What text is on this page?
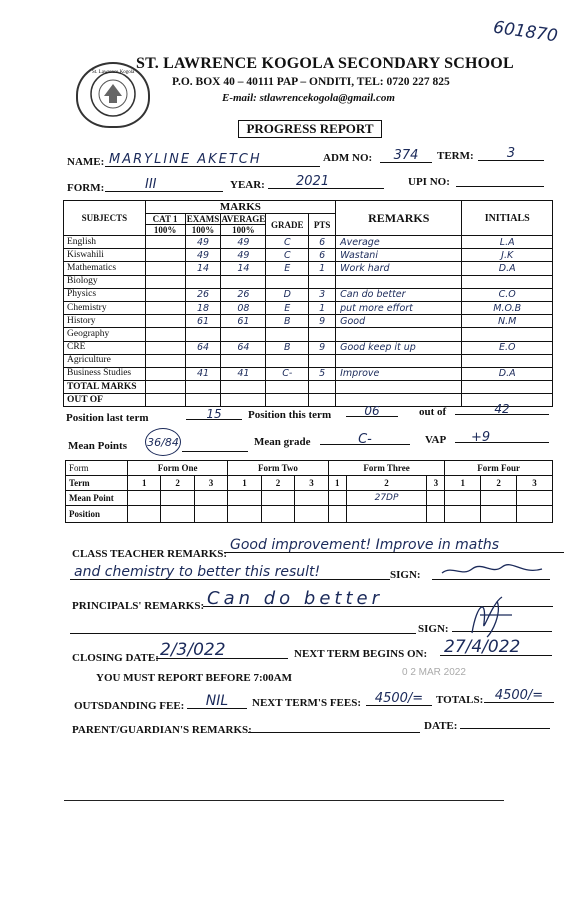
601870
St. Lawrence Kogola
ST. LAWRENCE KOGOLA SECONDARY SCHOOL
P.O. BOX 40 – 40111 PAP – ONDITI, TEL: 0720 227 825
E-mail: stlawrencekogola@gmail.com
PROGRESS REPORT
NAME: MARYLINE AKETCH	ADM NO:	374	TERM:	3
FORM:	III	YEAR:	2021	UPI NO:
SUBJECTS	MARKS					REMARKS	INITIALS
	CAT 1	EXAMS	AVERAGE	GRADE	PTS		
	100%	100%	100%				
English		49	49	C	6	Average	L.A
Kiswahili		49	49	C	6	Wastani	J.K
Mathematics		14	14	E	1	Work hard	D.A
Biology							
Physics		26	26	D	3	Can do better	C.O
Chemistry		18	08	E	1	put more effort	M.O.B
History		61	61	B	9	Good	N.M
Geography							
CRE		64	64	B	9	Good keep it up	E.O
Agriculture							
Business Studies		41	41	C-	5	Improve	D.A
TOTAL MARKS							
OUT OF							
Position last term	15	Position this term	06	out of	42
Mean Points 36/84	Mean grade	C-	VAP	+9
Form	Form One			Form Two			Form Three			Form Four		
Term	1	2	3	1	2	3	1	2	3	1	2	3
Mean Point								27DP				
Position												
CLASS TEACHER REMARKS:
Good improvement! Improve in maths
and chemistry to better this result!	SIGN:
PRINCIPALS' REMARKS: Can do better
SIGN:
CLOSING DATE: 2/3/022	NEXT TERM BEGINS ON: 27/4/022
0 2 MAR 2022
YOU MUST REPORT BEFORE 7:00AM
OUTSDANDING FEE:	NIL	NEXT TERM'S FEES:	4500/=	TOTALS: 4500/=
PARENT/GUARDIAN'S REMARKS:	DATE:
